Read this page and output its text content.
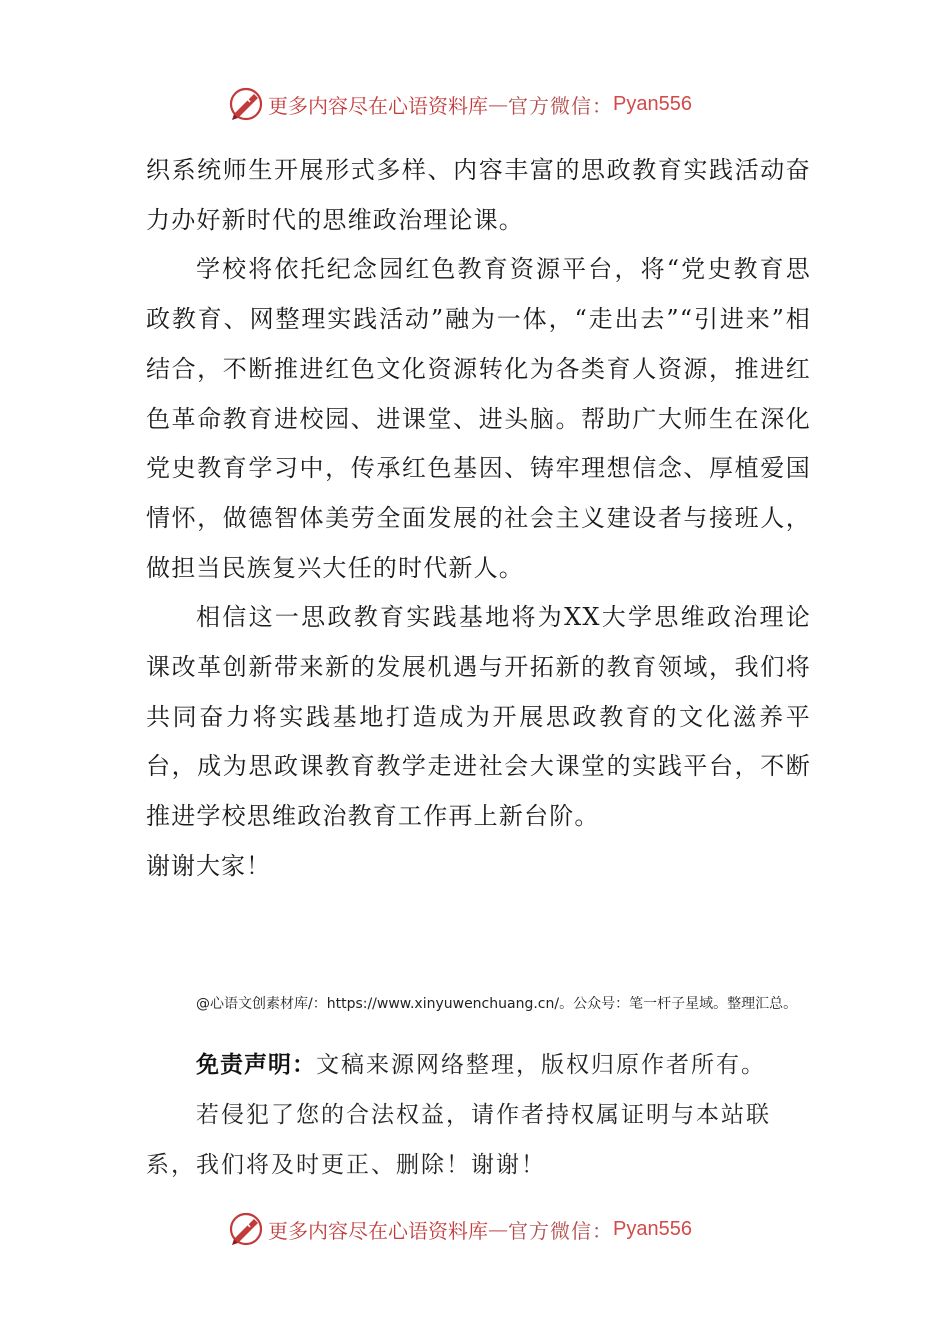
更多内容尽在心语资料库 — 官方微信： Pyan556

织系统师生开展形式多样、内容丰富的思政教育实践活动奋力办好新时代的思维政治理论课。

学校将依托纪念园红色教育资源平台，将“党史教育思政教育、网整理实践活动”融为一体，“走出去”“引进来”相结合，不断推进红色文化资源转化为各类育人资源，推进红色革命教育进校园、进课堂、进头脑。帮助广大师生在深化党史教育学习中，传承红色基因、铸牢理想信念、厚植爱国情怀，做德智体美劳全面发展的社会主义建设者与接班人，做担当民族复兴大任的时代新人。

相信这一思政教育实践基地将为XX大学思维政治理论课改革创新带来新的发展机遇与开拓新的教育领域，我们将共同奋力将实践基地打造成为开展思政教育的文化滋养平台，成为思政课教育教学走进社会大课堂的实践平台，不断推进学校思维政治教育工作再上新台阶。

谢谢大家！

@心语文创素材库/：https://www.xinyuwenchuang.cn/。公众号：笔一杆子星域。整理汇总。

免责声明：文稿来源网络整理，版权归原作者所有。

若侵犯了您的合法权益，请作者持权属证明与本站联系，我们将及时更正、删除！谢谢！

更多内容尽在心语资料库 — 官方微信： Pyan556
